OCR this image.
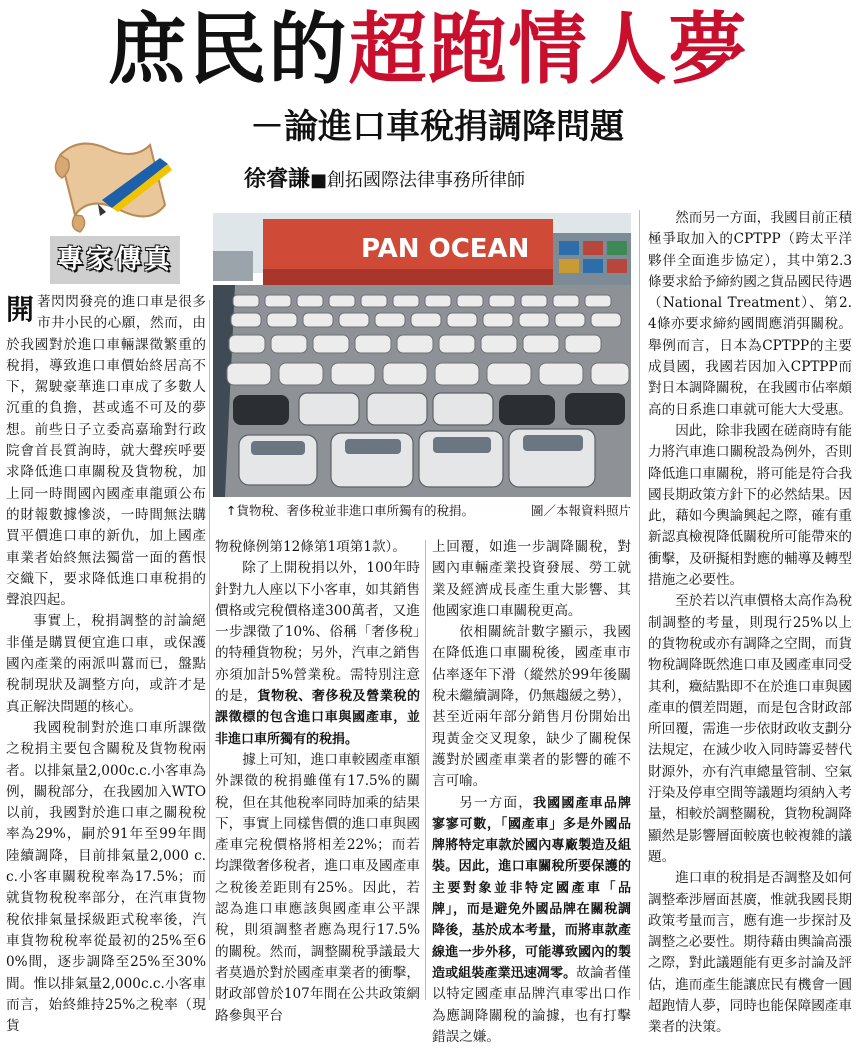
庶民的超跑情人夢
－論進口車稅捐調降問題
徐睿謙■創拓國際法律事務所律師
專家傳真

開著閃閃發亮的進口車是很多市井小民的心願，然而，由於我國對於進口車輛課徵繁重的稅捐，導致進口車價始終居高不下，駕駛豪華進口車成了多數人沉重的負擔，甚或遙不可及的夢想。前些日子立委高嘉瑜對行政院會首長質詢時，就大聲疾呼要求降低進口車關稅及貨物稅，加上同一時間國內國產車龍頭公布的財報數據慘淡，一時間無法購買平價進口車的新仇，加上國產車業者始終無法獨當一面的舊恨交織下，要求降低進口車稅捐的聲浪四起。

事實上，稅捐調整的討論絕非僅是購買便宜進口車，或保護國內產業的兩派叫囂而已，盤點稅制現狀及調整方向，或許才是真正解決問題的核心。

我國稅制對於進口車所課徵之稅捐主要包含關稅及貨物稅兩者。以排氣量2,000c.c.小客車為例，關稅部分，在我國加入WTO以前，我國對於進口車之關稅稅率為29%，嗣於91年至99年間陸續調降，目前排氣量2,000 c.c.小客車關稅稅率為17.5%；而就貨物稅稅率部分，在汽車貨物稅依排氣量採級距式稅率後，汽車貨物稅稅率從最初的25%至60%間，逐步調降至25%至30%間。惟以排氣量2,000c.c.小客車而言，始終維持25%之稅率（現貨

PAN OCEAN
↑貨物稅、奢侈稅並非進口車所獨有的稅捐。	圖／本報資料照片

物稅條例第12條第1項第1款）。

除了上開稅捐以外，100年時針對九人座以下小客車，如其銷售價格或完稅價格達300萬者，又進一步課徵了10%、俗稱「奢侈稅」的特種貨物稅；另外，汽車之銷售亦須加計5%營業稅。需特別注意的是，貨物稅、奢侈稅及營業稅的課徵標的包含進口車與國產車，並非進口車所獨有的稅捐。

據上可知，進口車較國產車額外課徵的稅捐雖僅有17.5%的關稅，但在其他稅率同時加乘的結果下，事實上同樣售價的進口車與國產車完稅價格將相差22%；而若均課徵奢侈稅者，進口車及國產車之稅後差距則有25%。因此，若認為進口車應該與國產車公平課稅，則須調整者應為現行17.5%的關稅。然而，調整關稅爭議最大者莫過於對於國產車業者的衝擊，財政部曾於107年間在公共政策網路參與平台

上回覆，如進一步調降關稅，對國內車輛產業投資發展、勞工就業及經濟成長產生重大影響、其他國家進口車關稅更高。

依相關統計數字顯示，我國在降低進口車關稅後，國產車市佔率逐年下滑（縱然於99年後關稅未繼續調降，仍無趨緩之勢），甚至近兩年部分銷售月份開始出現黃金交叉現象，缺少了關稅保護對於國產車業者的影響的確不言可喻。

另一方面，我國國產車品牌寥寥可數，「國產車」多是外國品牌將特定車款於國內專廠製造及組裝。因此，進口車關稅所要保護的主要對象並非特定國產車「品牌」，而是避免外國品牌在關稅調降後，基於成本考量，而將車款產線進一步外移，可能導致國內的製造或組裝產業迅速凋零。故論者僅以特定國產車品牌汽車零出口作為應調降關稅的論據，也有打擊錯誤之嫌。

然而另一方面，我國目前正積極爭取加入的CPTPP（跨太平洋夥伴全面進步協定），其中第2.3條要求給予締約國之貨品國民待遇（National Treatment）、第2.4條亦要求締約國間應消弭關稅。舉例而言，日本為CPTPP的主要成員國，我國若因加入CPTPP而對日本調降關稅，在我國市佔率頗高的日系進口車就可能大大受惠。

因此，除非我國在磋商時有能力將汽車進口關稅設為例外，否則降低進口車關稅，將可能是符合我國長期政策方針下的必然結果。因此，藉如今輿論興起之際，確有重新認真檢視降低關稅所可能帶來的衝擊，及研擬相對應的輔導及轉型措施之必要性。

至於若以汽車價格太高作為稅制調整的考量，則現行25%以上的貨物稅或亦有調降之空間，而貨物稅調降既然進口車及國產車同受其利，癥結點即不在於進口車與國產車的價差問題，而是包含財政部所回覆，需進一步依財政收支劃分法規定，在減少收入同時籌妥替代財源外，亦有汽車總量管制、空氣汙染及停車空間等議題均須納入考量，相較於調整關稅，貨物稅調降顯然是影響層面較廣也較複雜的議題。

進口車的稅捐是否調整及如何調整牽涉層面甚廣，惟就我國長期政策考量而言，應有進一步探討及調整之必要性。期待藉由輿論高漲之際，對此議題能有更多討論及評估，進而產生能讓庶民有機會一圓超跑情人夢，同時也能保障國產車業者的決策。
